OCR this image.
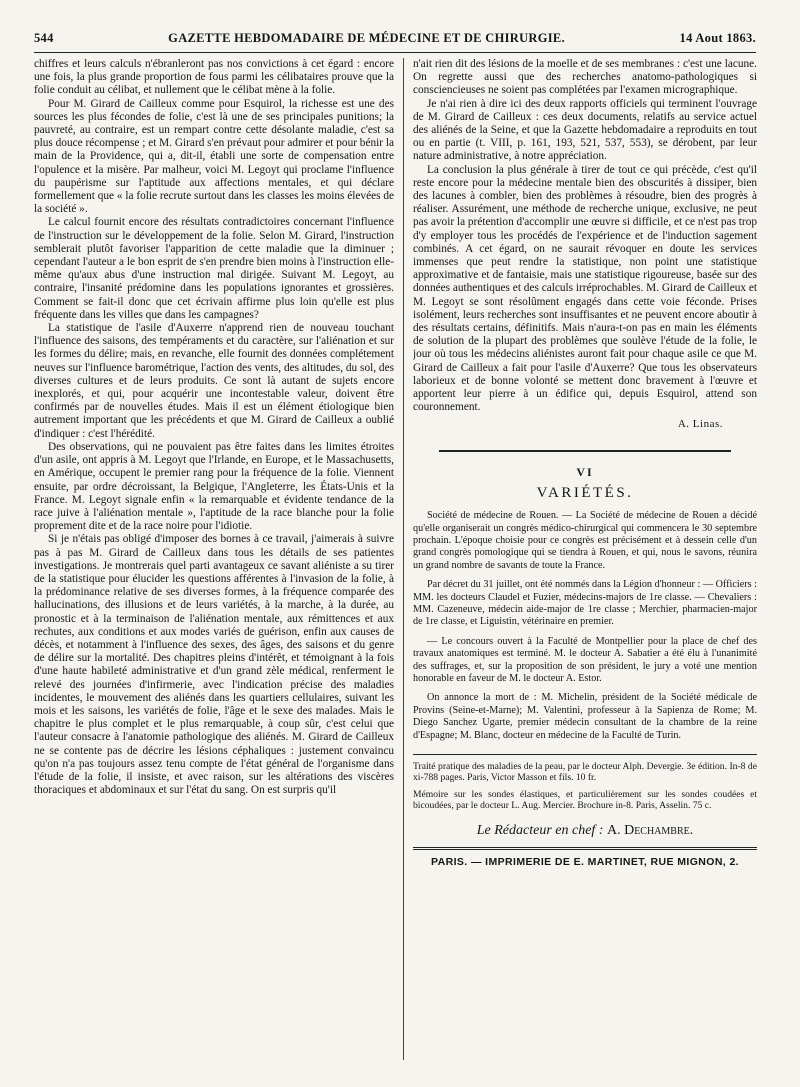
544	GAZETTE HEBDOMADAIRE DE MÉDECINE ET DE CHIRURGIE.	14 Aout 1863.

chiffres et leurs calculs n'ébranleront pas nos convictions à cet égard : encore une fois, la plus grande proportion de fous parmi les célibataires prouve que la folie conduit au célibat, et nullement que le célibat mène à la folie.

Pour M. Girard de Cailleux comme pour Esquirol, la richesse est une des sources les plus fécondes de folie, c'est là une de ses principales punitions; la pauvreté, au contraire, est un rempart contre cette désolante maladie, c'est sa plus douce récompense ; et M. Girard s'en prévaut pour admirer et pour bénir la main de la Providence, qui a, dit-il, établi une sorte de compensation entre l'opulence et la misère. Par malheur, voici M. Legoyt qui proclame l'influence du paupérisme sur l'aptitude aux affections mentales, et qui déclare formellement que « la folie recrute surtout dans les classes les moins élevées de la société ».

Le calcul fournit encore des résultats contradictoires concernant l'influence de l'instruction sur le développement de la folie. Selon M. Girard, l'instruction semblerait plutôt favoriser l'apparition de cette maladie que la diminuer ; cependant l'auteur a le bon esprit de s'en prendre bien moins à l'instruction elle-même qu'aux abus d'une instruction mal dirigée. Suivant M. Legoyt, au contraire, l'insanité prédomine dans les populations ignorantes et grossières. Comment se fait-il donc que cet écrivain affirme plus loin qu'elle est plus fréquente dans les villes que dans les campagnes?

La statistique de l'asile d'Auxerre n'apprend rien de nouveau touchant l'influence des saisons, des tempéraments et du caractère, sur l'aliénation et sur les formes du délire; mais, en revanche, elle fournit des données complétement neuves sur l'influence barométrique, l'action des vents, des altitudes, du sol, des diverses cultures et de leurs produits. Ce sont là autant de sujets encore inexplorés, et qui, pour acquérir une incontestable valeur, doivent être confirmés par de nouvelles études. Mais il est un élément étiologique bien autrement important que les précédents et que M. Girard de Cailleux a oublié d'indiquer : c'est l'hérédité.

Des observations, qui ne pouvaient pas être faites dans les limites étroites d'un asile, ont appris à M. Legoyt que l'Irlande, en Europe, et le Massachusetts, en Amérique, occupent le premier rang pour la fréquence de la folie. Viennent ensuite, par ordre décroissant, la Belgique, l'Angleterre, les États-Unis et la France. M. Legoyt signale enfin « la remarquable et évidente tendance de la race juive à l'aliénation mentale », l'aptitude de la race blanche pour la folie proprement dite et de la race noire pour l'idiotie.

Si je n'étais pas obligé d'imposer des bornes à ce travail, j'aimerais à suivre pas à pas M. Girard de Cailleux dans tous les détails de ses patientes investigations. Je montrerais quel parti avantageux ce savant aliéniste a su tirer de la statistique pour élucider les questions afférentes à l'invasion de la folie, à la prédominance relative de ses diverses formes, à la fréquence comparée des hallucinations, des illusions et de leurs variétés, à la marche, à la durée, au pronostic et à la terminaison de l'aliénation mentale, aux rémittences et aux rechutes, aux conditions et aux modes variés de guérison, enfin aux causes de décès, et notamment à l'influence des sexes, des âges, des saisons et du genre de délire sur la mortalité. Des chapitres pleins d'intérêt, et témoignant à la fois d'une haute habileté administrative et d'un grand zèle médical, renferment le relevé des journées d'infirmerie, avec l'indication précise des maladies incidentes, le mouvement des aliénés dans les quartiers cellulaires, suivant les mois et les saisons, les variétés de folie, l'âge et le sexe des malades. Mais le chapitre le plus complet et le plus remarquable, à coup sûr, c'est celui que l'auteur consacre à l'anatomie pathologique des aliénés. M. Girard de Cailleux ne se contente pas de décrire les lésions céphaliques : justement convaincu qu'on n'a pas toujours assez tenu compte de l'état général de l'organisme dans l'étude de la folie, il insiste, et avec raison, sur les altérations des viscères thoraciques et abdominaux et sur l'état du sang. On est surpris qu'il

n'ait rien dit des lésions de la moelle et de ses membranes : c'est une lacune. On regrette aussi que des recherches anatomo-pathologiques si consciencieuses ne soient pas complétées par l'examen micrographique.

Je n'ai rien à dire ici des deux rapports officiels qui terminent l'ouvrage de M. Girard de Cailleux : ces deux documents, relatifs au service actuel des aliénés de la Seine, et que la Gazette hebdomadaire a reproduits en tout ou en partie (t. VIII, p. 161, 193, 521, 537, 553), se dérobent, par leur nature administrative, à notre appréciation.

La conclusion la plus générale à tirer de tout ce qui précède, c'est qu'il reste encore pour la médecine mentale bien des obscurités à dissiper, bien des lacunes à combler, bien des problèmes à résoudre, bien des progrès à réaliser. Assurément, une méthode de recherche unique, exclusive, ne peut pas avoir la prétention d'accomplir une œuvre si difficile, et ce n'est pas trop d'y employer tous les procédés de l'expérience et de l'induction sagement combinés. A cet égard, on ne saurait révoquer en doute les services immenses que peut rendre la statistique, non point une statistique approximative et de fantaisie, mais une statistique rigoureuse, basée sur des données authentiques et des calculs irréprochables. M. Girard de Cailleux et M. Legoyt se sont résolûment engagés dans cette voie féconde. Prises isolément, leurs recherches sont insuffisantes et ne peuvent encore aboutir à des résultats certains, définitifs. Mais n'aura-t-on pas en main les éléments de solution de la plupart des problèmes que soulève l'étude de la folie, le jour où tous les médecins aliénistes auront fait pour chaque asile ce que M. Girard de Cailleux a fait pour l'asile d'Auxerre? Que tous les observateurs laborieux et de bonne volonté se mettent donc bravement à l'œuvre et apportent leur pierre à un édifice qui, depuis Esquirol, attend son couronnement.

A. Linas.
VI
VARIÉTÉS.

Société de médecine de Rouen. — La Société de médecine de Rouen a décidé qu'elle organiserait un congrès médico-chirurgical qui commencera le 30 septembre prochain. L'époque choisie pour ce congrès est précisément et à dessein celle d'un grand congrès pomologique qui se tiendra à Rouen, et qui, nous le savons, réunira un grand nombre de savants de toute la France.

Par décret du 31 juillet, ont été nommés dans la Légion d'honneur : — Officiers : MM. les docteurs Claudel et Fuzier, médecins-majors de 1re classe. — Chevaliers : MM. Cazeneuve, médecin aide-major de 1re classe ; Merchier, pharmacien-major de 1re classe, et Liguistin, vétérinaire en premier.

— Le concours ouvert à la Faculté de Montpellier pour la place de chef des travaux anatomiques est terminé. M. le docteur A. Sabatier a été élu à l'unanimité des suffrages, et, sur la proposition de son président, le jury a voté une mention honorable en faveur de M. le docteur A. Estor.

On annonce la mort de : M. Michelin, président de la Société médicale de Provins (Seine-et-Marne); M. Valentini, professeur à la Sapienza de Rome; M. Diego Sanchez Ugarte, premier médecin consultant de la chambre de la reine d'Espagne; M. Blanc, docteur en médecine de la Faculté de Turin.

Traité pratique des maladies de la peau, par le docteur Alph. Devergie. 3e édition. In-8 de xi-788 pages. Paris, Victor Masson et fils. 10 fr.

Mémoire sur les sondes élastiques, et particulièrement sur les sondes coudées et bicoudées, par le docteur L. Aug. Mercier. Brochure in-8. Paris, Asselin. 75 c.

Le Rédacteur en chef : A. Dechambre.
PARIS. — IMPRIMERIE DE E. MARTINET, RUE MIGNON, 2.
